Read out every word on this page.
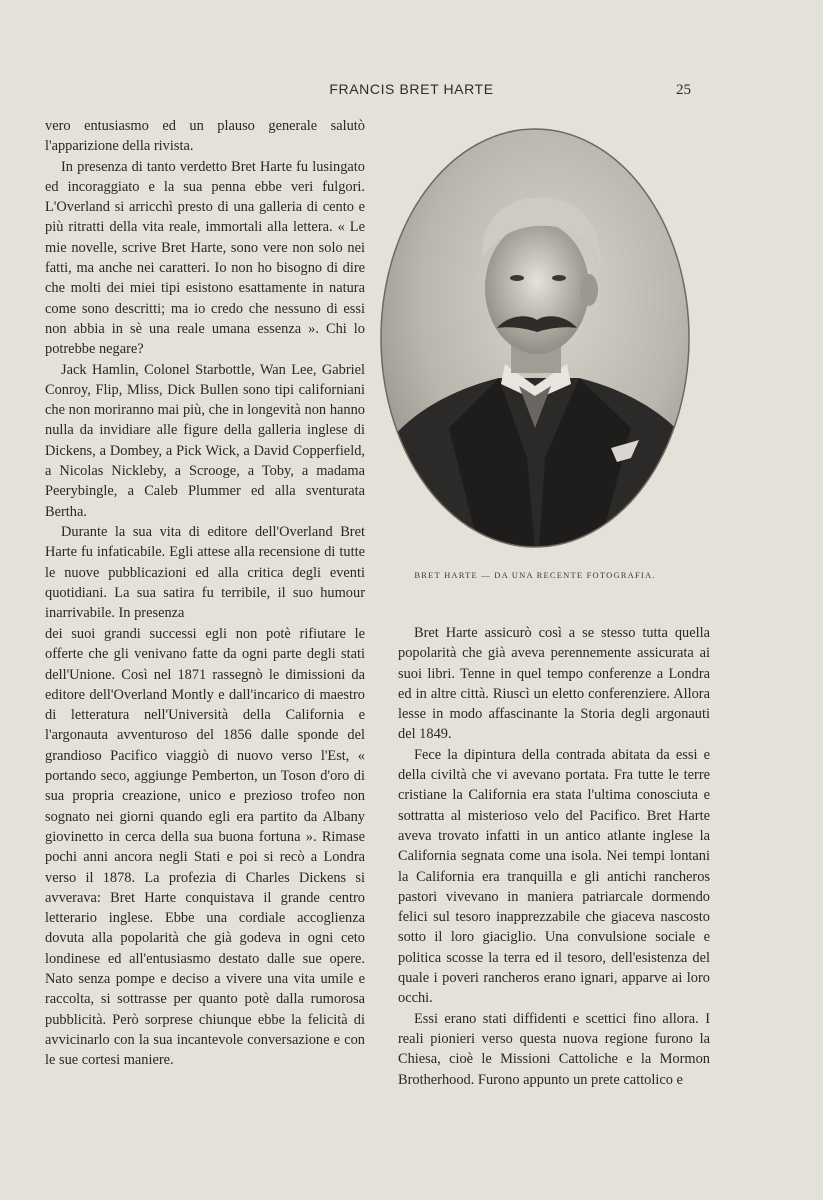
FRANCIS BRET HARTE	25

vero entusiasmo ed un plauso generale salutò l'apparizione della rivista.

In presenza di tanto verdetto Bret Harte fu lusingato ed incoraggiato e la sua penna ebbe veri fulgori. L'Overland si arricchì presto di una galleria di cento e più ritratti della vita reale, immortali alla lettera. « Le mie novelle, scrive Bret Harte, sono vere non solo nei fatti, ma anche nei caratteri. Io non ho bisogno di dire che molti dei miei tipi esistono esattamente in natura come sono descritti; ma io credo che nessuno di essi non abbia in sè una reale umana essenza ». Chi lo potrebbe negare?

Jack Hamlin, Colonel Starbottle, Wan Lee, Gabriel Conroy, Flip, Mliss, Dick Bullen sono tipi californiani che non moriranno mai più, che in longevità non hanno nulla da invidiare alle figure della galleria inglese di Dickens, a Dombey, a Pick Wick, a David Copperfield, a Nicolas Nickleby, a Scrooge, a Toby, a madama Peerybingle, a Caleb Plummer ed alla sventurata Bertha.

Durante la sua vita di editore dell'Overland Bret Harte fu infaticabile. Egli attese alla recensione di tutte le nuove pubblicazioni ed alla critica degli eventi quotidiani. La sua satira fu terribile, il suo humour inarrivabile. In presenza

BRET HARTE — DA UNA RECENTE FOTOGRAFIA.

dei suoi grandi successi egli non potè rifiutare le offerte che gli venivano fatte da ogni parte degli stati dell'Unione. Così nel 1871 rassegnò le dimissioni da editore dell'Overland Montly e dall'incarico di maestro di letteratura nell'Università della California e l'argonauta avventuroso del 1856 dalle sponde del grandioso Pacifico viaggiò di nuovo verso l'Est, « portando seco, aggiunge Pemberton, un Toson d'oro di sua propria creazione, unico e prezioso trofeo non sognato nei giorni quando egli era partito da Albany giovinetto in cerca della sua buona fortuna ». Rimase pochi anni ancora negli Stati e poi si recò a Londra verso il 1878. La profezia di Charles Dickens si avverava: Bret Harte conquistava il grande centro letterario inglese. Ebbe una cordiale accoglienza dovuta alla popolarità che già godeva in ogni ceto londinese ed all'entusiasmo destato dalle sue opere. Nato senza pompe e deciso a vivere una vita umile e raccolta, si sottrasse per quanto potè dalla rumorosa pubblicità. Però sorprese chiunque ebbe la felicità di avvicinarlo con la sua incantevole conversazione e con le sue cortesi maniere.

Bret Harte assicurò così a se stesso tutta quella popolarità che già aveva perennemente assicurata ai suoi libri. Tenne in quel tempo conferenze a Londra ed in altre città. Riuscì un eletto conferenziere. Allora lesse in modo affascinante la Storia degli argonauti del 1849.

Fece la dipintura della contrada abitata da essi e della civiltà che vi avevano portata. Fra tutte le terre cristiane la California era stata l'ultima conosciuta e sottratta al misterioso velo del Pacifico. Bret Harte aveva trovato infatti in un antico atlante inglese la California segnata come una isola. Nei tempi lontani la California era tranquilla e gli antichi rancheros pastori vivevano in maniera patriarcale dormendo felici sul tesoro inapprezzabile che giaceva nascosto sotto il loro giaciglio. Una convulsione sociale e politica scosse la terra ed il tesoro, dell'esistenza del quale i poveri rancheros erano ignari, apparve ai loro occhi.

Essi erano stati diffidenti e scettici fino allora. I reali pionieri verso questa nuova regione furono la Chiesa, cioè le Missioni Cattoliche e la Mormon Brotherhood. Furono appunto un prete cattolico e
